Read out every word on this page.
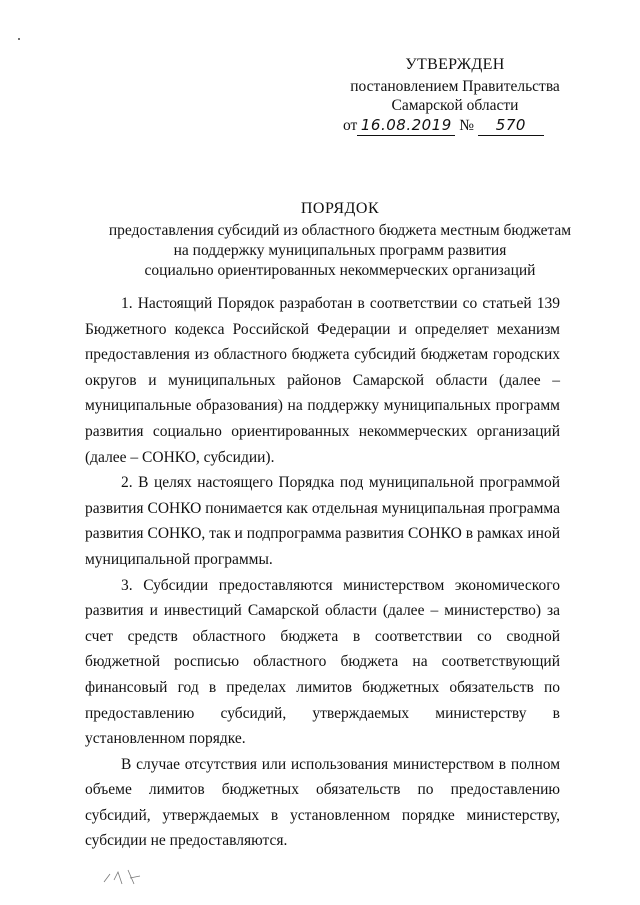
УТВЕРЖДЕН
постановлением Правительства
Самарской области
от 16.08.2019 № 570
ПОРЯДОК
предоставления субсидий из областного бюджета местным бюджетам
на поддержку муниципальных программ развития
социально ориентированных некоммерческих организаций

1. Настоящий Порядок разработан в соответствии со статьей 139 Бюджетного кодекса Российской Федерации и определяет механизм предоставления из областного бюджета субсидий бюджетам городских округов и муниципальных районов Самарской области (далее – муниципальные образования) на поддержку муниципальных программ развития социально ориентированных некоммерческих организаций (далее – СОНКО, субсидии).

2. В целях настоящего Порядка под муниципальной программой развития СОНКО понимается как отдельная муниципальная программа развития СОНКО, так и подпрограмма развития СОНКО в рамках иной муниципальной программы.

3. Субсидии предоставляются министерством экономического развития и инвестиций Самарской области (далее – министерство) за счет средств областного бюджета в соответствии со сводной бюджетной росписью областного бюджета на соответствующий финансовый год в пределах лимитов бюджетных обязательств по предоставлению субсидий, утверждаемых министерству в установленном порядке.

В случае отсутствия или использования министерством в полном объеме лимитов бюджетных обязательств по предоставлению субсидий, утверждаемых в установленном порядке министерству, субсидии не предоставляются.
